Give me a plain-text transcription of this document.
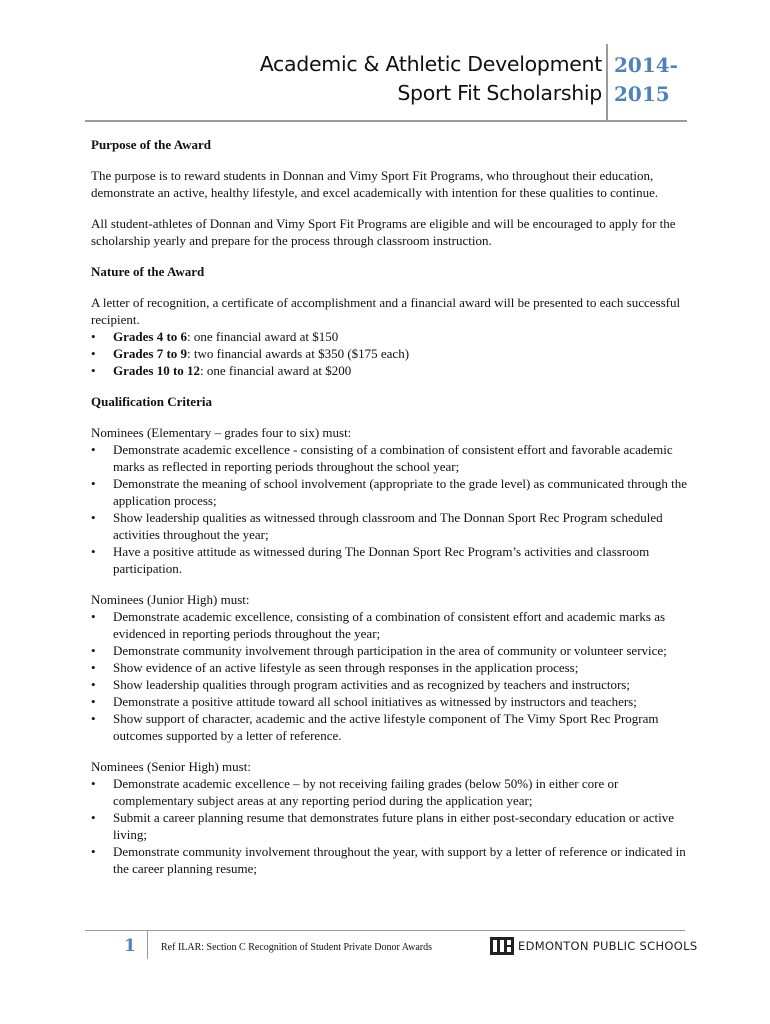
Academic & Athletic Development
Sport Fit Scholarship
2014-
2015
Purpose of the Award

The purpose is to reward students in Donnan and Vimy Sport Fit Programs, who throughout their education, demonstrate an active, healthy lifestyle, and excel academically with intention for these qualities to continue.

All student-athletes of Donnan and Vimy Sport Fit Programs are eligible and will be encouraged to apply for the scholarship yearly and prepare for the process through classroom instruction.

Nature of the Award

A letter of recognition, a certificate of accomplishment and a financial award will be presented to each successful recipient.

•	Grades 4 to 6: one financial award at $150
•	Grades 7 to 9: two financial awards at $350 ($175 each)
•	Grades 10 to 12: one financial award at $200
Qualification Criteria

Nominees (Elementary – grades four to six) must:

•	Demonstrate academic excellence - consisting of a combination of consistent effort and favorable academic marks as reflected in reporting periods throughout the school year;
•	Demonstrate the meaning of school involvement (appropriate to the grade level) as communicated through the application process;
•	Show leadership qualities as witnessed through classroom and The Donnan Sport Rec Program scheduled activities throughout the year;
•	Have a positive attitude as witnessed during The Donnan Sport Rec Program’s activities and classroom participation.

Nominees (Junior High) must:

•	Demonstrate academic excellence, consisting of a combination of consistent effort and academic marks as evidenced in reporting periods throughout the year;
•	Demonstrate community involvement through participation in the area of community or volunteer service;
•	Show evidence of an active lifestyle as seen through responses in the application process;
•	Show leadership qualities through program activities and as recognized by teachers and instructors;
•	Demonstrate a positive attitude toward all school initiatives as witnessed by instructors and teachers;
•	Show support of character, academic and the active lifestyle component of The Vimy Sport Rec Program outcomes supported by a letter of reference.

Nominees (Senior High) must:

•	Demonstrate academic excellence – by not receiving failing grades (below 50%) in either core or complementary subject areas at any reporting period during the application year;
•	Submit a career planning resume that demonstrates future plans in either post-secondary education or active living;
•	Demonstrate community involvement throughout the year, with support by a letter of reference or indicated in the career planning resume;
1	Ref ILAR: Section C Recognition of Student Private Donor Awards	EDMONTON PUBLIC SCHOOLS
